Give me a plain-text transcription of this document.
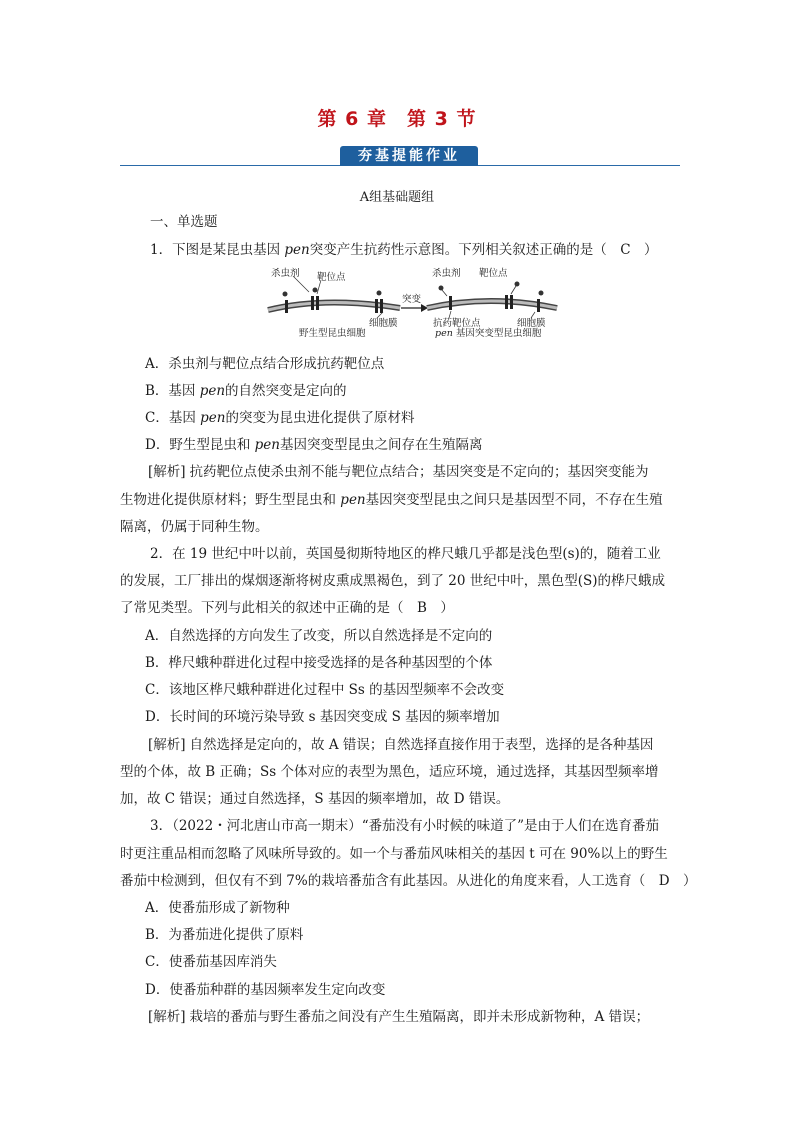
第 6 章　第 3 节
夯基提能作业
A组基础题组
一、单选题
1．下图是某昆虫基因 pen突变产生抗药性示意图。下列相关叙述正确的是（　C　）
杀虫剂 靶位点
细胞膜
野生型昆虫细胞
突变
杀虫剂 靶位点
抗药靶位点	细胞膜
pen 基因突变型昆虫细胞
A．杀虫剂与靶位点结合形成抗药靶位点
B．基因 pen的自然突变是定向的
C．基因 pen的突变为昆虫进化提供了原材料
D．野生型昆虫和 pen基因突变型昆虫之间存在生殖隔离
[解析] 抗药靶位点使杀虫剂不能与靶位点结合；基因突变是不定向的；基因突变能为
生物进化提供原材料；野生型昆虫和 pen基因突变型昆虫之间只是基因型不同，不存在生殖
隔离，仍属于同种生物。
2．在 19 世纪中叶以前，英国曼彻斯特地区的桦尺蛾几乎都是浅色型(s)的，随着工业
的发展，工厂排出的煤烟逐渐将树皮熏成黑褐色，到了 20 世纪中叶，黑色型(S)的桦尺蛾成
了常见类型。下列与此相关的叙述中正确的是（　B　）
A．自然选择的方向发生了改变，所以自然选择是不定向的
B．桦尺蛾种群进化过程中接受选择的是各种基因型的个体
C．该地区桦尺蛾种群进化过程中 Ss 的基因型频率不会改变
D．长时间的环境污染导致 s 基因突变成 S 基因的频率增加
[解析] 自然选择是定向的，故 A 错误；自然选择直接作用于表型，选择的是各种基因
型的个体，故 B 正确；Ss 个体对应的表型为黑色，适应环境，通过选择，其基因型频率增
加，故 C 错误；通过自然选择，S 基因的频率增加，故 D 错误。
3．（2022・河北唐山市高一期末）“番茄没有小时候的味道了”是由于人们在选育番茄
时更注重品相而忽略了风味所导致的。如一个与番茄风味相关的基因 t 可在 90%以上的野生
番茄中检测到，但仅有不到 7%的栽培番茄含有此基因。从进化的角度来看，人工选育（　D　）
A．使番茄形成了新物种
B．为番茄进化提供了原料
C．使番茄基因库消失
D．使番茄种群的基因频率发生定向改变
[解析] 栽培的番茄与野生番茄之间没有产生生殖隔离，即并未形成新物种，A 错误；
